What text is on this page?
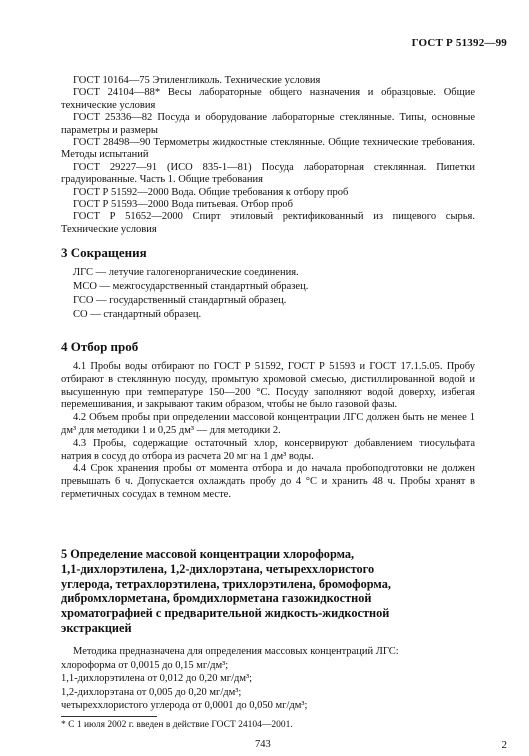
ГОСТ Р 51392—99

ГОСТ 10164—75 Этиленгликоль. Технические условия

ГОСТ 24104—88* Весы лабораторные общего назначения и образцовые. Общие технические условия

ГОСТ 25336—82 Посуда и оборудование лабораторные стеклянные. Типы, основные параметры и размеры

ГОСТ 28498—90 Термометры жидкостные стеклянные. Общие технические требования. Методы испытаний

ГОСТ 29227—91 (ИСО 835-1—81) Посуда лабораторная стеклянная. Пипетки градуированные. Часть 1. Общие требования

ГОСТ Р 51592—2000 Вода. Общие требования к отбору проб

ГОСТ Р 51593—2000 Вода питьевая. Отбор проб

ГОСТ Р 51652—2000 Спирт этиловый ректификованный из пищевого сырья. Технические условия

3 Сокращения

ЛГС — летучие галогенорганические соединения.

МСО — межгосударственный стандартный образец.

ГСО — государственный стандартный образец.

СО — стандартный образец.

4 Отбор проб

4.1 Пробы воды отбирают по ГОСТ Р 51592, ГОСТ Р 51593 и ГОСТ 17.1.5.05. Пробу отбирают в стеклянную посуду, промытую хромовой смесью, дистиллированной водой и высушенную при температуре 150—200 °С. Посуду заполняют водой доверху, избегая перемешивания, и закрывают таким образом, чтобы не было газовой фазы.

4.2 Объем пробы при определении массовой концентрации ЛГС должен быть не менее 1 дм³ для методики 1 и 0,25 дм³ — для методики 2.

4.3 Пробы, содержащие остаточный хлор, консервируют добавлением тиосульфата натрия в сосуд до отбора из расчета 20 мг на 1 дм³ воды.

4.4 Срок хранения пробы от момента отбора и до начала пробоподготовки не должен превышать 6 ч. Допускается охлаждать пробу до 4 °С и хранить 48 ч. Пробы хранят в герметичных сосудах в темном месте.

5 Определение массовой концентрации хлороформа,

1,1-дихлорэтилена, 1,2-дихлорэтана, четыреххлористого

углерода, тетрахлорэтилена, трихлорэтилена, бромоформа,

дибромхлорметана, бромдихлорметана газожидкостной

хроматографией с предварительной жидкость-жидкостной

экстракцией

Методика предназначена для определения массовых концентраций ЛГС:

хлороформа от 0,0015 до 0,15 мг/дм³;

1,1-дихлорэтилена от 0,012 до 0,20 мг/дм³;

1,2-дихлорэтана от 0,005 до 0,20 мг/дм³;

четыреххлористого углерода от 0,0001 до 0,050 мг/дм³;

* С 1 июля 2002 г. введен в действие ГОСТ 24104—2001.
743	2
